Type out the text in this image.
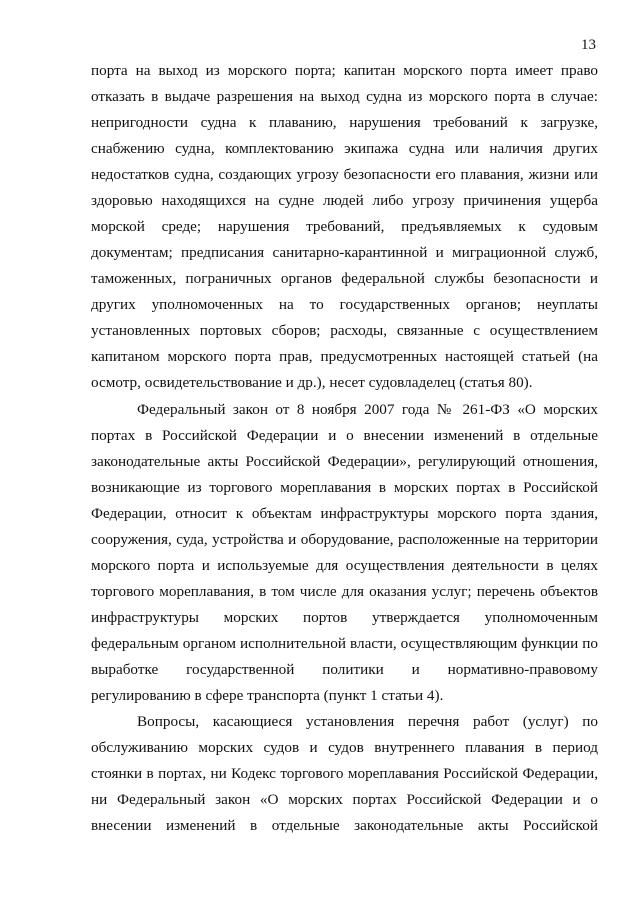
13
порта на выход из морского порта; капитан морского порта имеет право
отказать в выдаче разрешения на выход судна из морского порта в случае:
непригодности судна к плаванию, нарушения требований к загрузке,
снабжению судна, комплектованию экипажа судна или наличия других
недостатков судна, создающих угрозу безопасности его плавания, жизни или
здоровью находящихся на судне людей либо угрозу причинения ущерба
морской среде; нарушения требований, предъявляемых к судовым
документам; предписания санитарно-карантинной и миграционной служб,
таможенных, пограничных органов федеральной службы безопасности и
других уполномоченных на то государственных органов; неуплаты
установленных портовых сборов; расходы, связанные с осуществлением
капитаном морского порта прав, предусмотренных настоящей статьей (на
осмотр, освидетельствование и др.), несет судовладелец (статья 80).
Федеральный закон от 8 ноября 2007 года № 261-ФЗ «О морских
портах в Российской Федерации и о внесении изменений в отдельные
законодательные акты Российской Федерации», регулирующий отношения,
возникающие из торгового мореплавания в морских портах в Российской
Федерации, относит к объектам инфраструктуры морского порта здания,
сооружения, суда, устройства и оборудование, расположенные на территории
морского порта и используемые для осуществления деятельности в целях
торгового мореплавания, в том числе для оказания услуг; перечень объектов
инфраструктуры морских портов утверждается уполномоченным
федеральным органом исполнительной власти, осуществляющим функции по
выработке государственной политики и нормативно-правовому
регулированию в сфере транспорта (пункт 1 статьи 4).
Вопросы, касающиеся установления перечня работ (услуг) по
обслуживанию морских судов и судов внутреннего плавания в период
стоянки в портах, ни Кодекс торгового мореплавания Российской Федерации,
ни Федеральный закон «О морских портах Российской Федерации и о
внесении изменений в отдельные законодательные акты Российской
